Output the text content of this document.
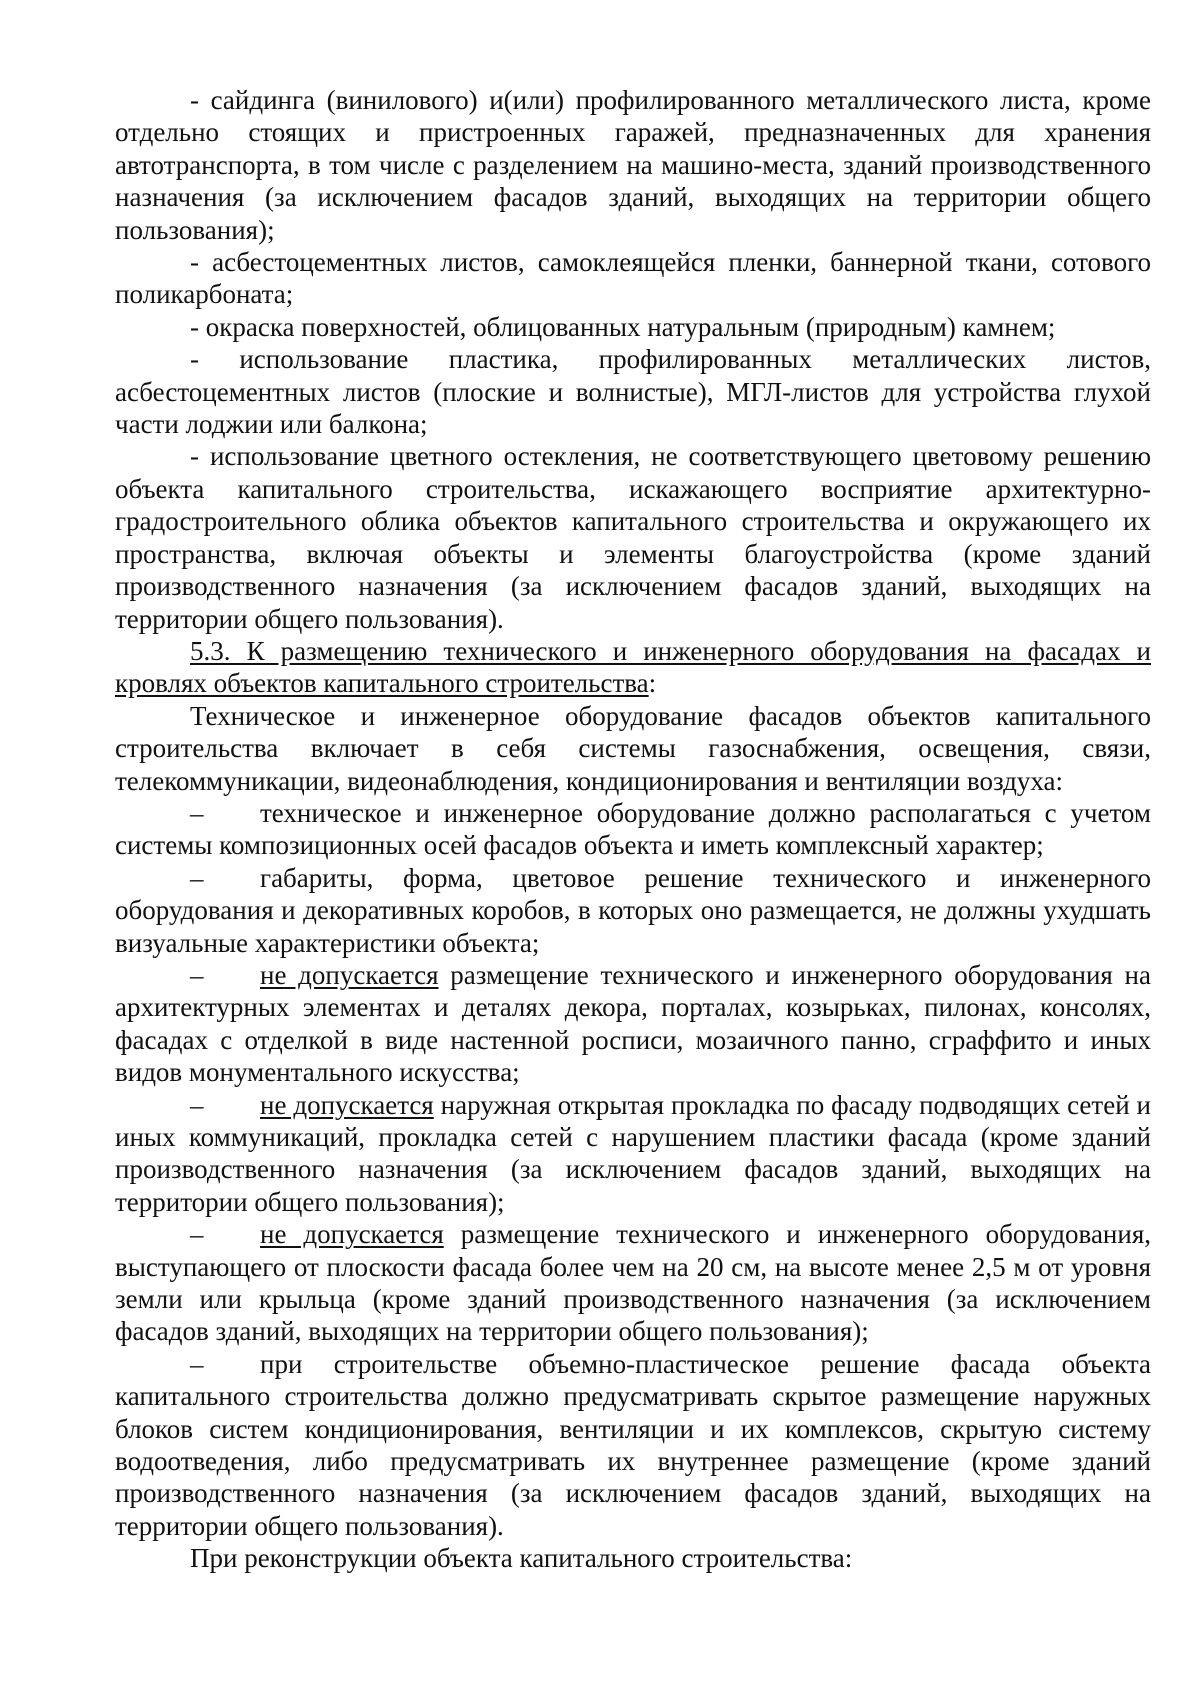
- сайдинга (винилового) и(или) профилированного металлического листа, кроме отдельно стоящих и пристроенных гаражей, предназначенных для хранения автотранспорта, в том числе с разделением на машино-места, зданий производственного назначения (за исключением фасадов зданий, выходящих на территории общего пользования);

- асбестоцементных листов, самоклеящейся пленки, баннерной ткани, сотового поликарбоната;

- окраска поверхностей, облицованных натуральным (природным) камнем;

- использование пластика, профилированных металлических листов, асбестоцементных листов (плоские и волнистые), МГЛ-листов для устройства глухой части лоджии или балкона;

- использование цветного остекления, не соответствующего цветовому решению объекта капитального строительства, искажающего восприятие архитектурно-градостроительного облика объектов капитального строительства и окружающего их пространства, включая объекты и элементы благоустройства (кроме зданий производственного назначения (за исключением фасадов зданий, выходящих на территории общего пользования).

5.3. К размещению технического и инженерного оборудования на фасадах и кровлях объектов капитального строительства:

Техническое и инженерное оборудование фасадов объектов капитального строительства включает в себя системы газоснабжения, освещения, связи, телекоммуникации, видеонаблюдения, кондиционирования и вентиляции воздуха:

– техническое и инженерное оборудование должно располагаться с учетом системы композиционных осей фасадов объекта и иметь комплексный характер;

– габариты, форма, цветовое решение технического и инженерного оборудования и декоративных коробов, в которых оно размещается, не должны ухудшать визуальные характеристики объекта;

– не допускается размещение технического и инженерного оборудования на архитектурных элементах и деталях декора, порталах, козырьках, пилонах, консолях, фасадах с отделкой в виде настенной росписи, мозаичного панно, сграффито и иных видов монументального искусства;

– не допускается наружная открытая прокладка по фасаду подводящих сетей и иных коммуникаций, прокладка сетей с нарушением пластики фасада (кроме зданий производственного назначения (за исключением фасадов зданий, выходящих на территории общего пользования);

– не допускается размещение технического и инженерного оборудования, выступающего от плоскости фасада более чем на 20 см, на высоте менее 2,5 м от уровня земли или крыльца (кроме зданий производственного назначения (за исключением фасадов зданий, выходящих на территории общего пользования);

– при строительстве объемно-пластическое решение фасада объекта капитального строительства должно предусматривать скрытое размещение наружных блоков систем кондиционирования, вентиляции и их комплексов, скрытую систему водоотведения, либо предусматривать их внутреннее размещение (кроме зданий производственного назначения (за исключением фасадов зданий, выходящих на территории общего пользования).

При реконструкции объекта капитального строительства:
